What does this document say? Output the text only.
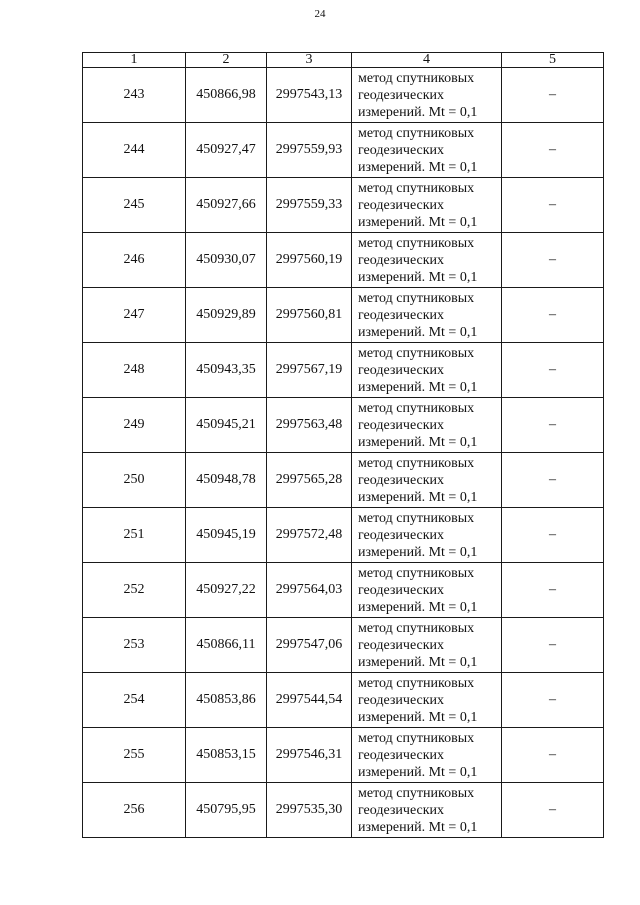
24
1	2	3	4	5
243	450866,98	2997543,13	метод спутниковых
геодезических
измерений. Mt = 0,1	–
244	450927,47	2997559,93	метод спутниковых
геодезических
измерений. Mt = 0,1	–
245	450927,66	2997559,33	метод спутниковых
геодезических
измерений. Mt = 0,1	–
246	450930,07	2997560,19	метод спутниковых
геодезических
измерений. Mt = 0,1	–
247	450929,89	2997560,81	метод спутниковых
геодезических
измерений. Mt = 0,1	–
248	450943,35	2997567,19	метод спутниковых
геодезических
измерений. Mt = 0,1	–
249	450945,21	2997563,48	метод спутниковых
геодезических
измерений. Mt = 0,1	–
250	450948,78	2997565,28	метод спутниковых
геодезических
измерений. Mt = 0,1	–
251	450945,19	2997572,48	метод спутниковых
геодезических
измерений. Mt = 0,1	–
252	450927,22	2997564,03	метод спутниковых
геодезических
измерений. Mt = 0,1	–
253	450866,11	2997547,06	метод спутниковых
геодезических
измерений. Mt = 0,1	–
254	450853,86	2997544,54	метод спутниковых
геодезических
измерений. Mt = 0,1	–
255	450853,15	2997546,31	метод спутниковых
геодезических
измерений. Mt = 0,1	–
256	450795,95	2997535,30	метод спутниковых
геодезических
измерений. Mt = 0,1	–
